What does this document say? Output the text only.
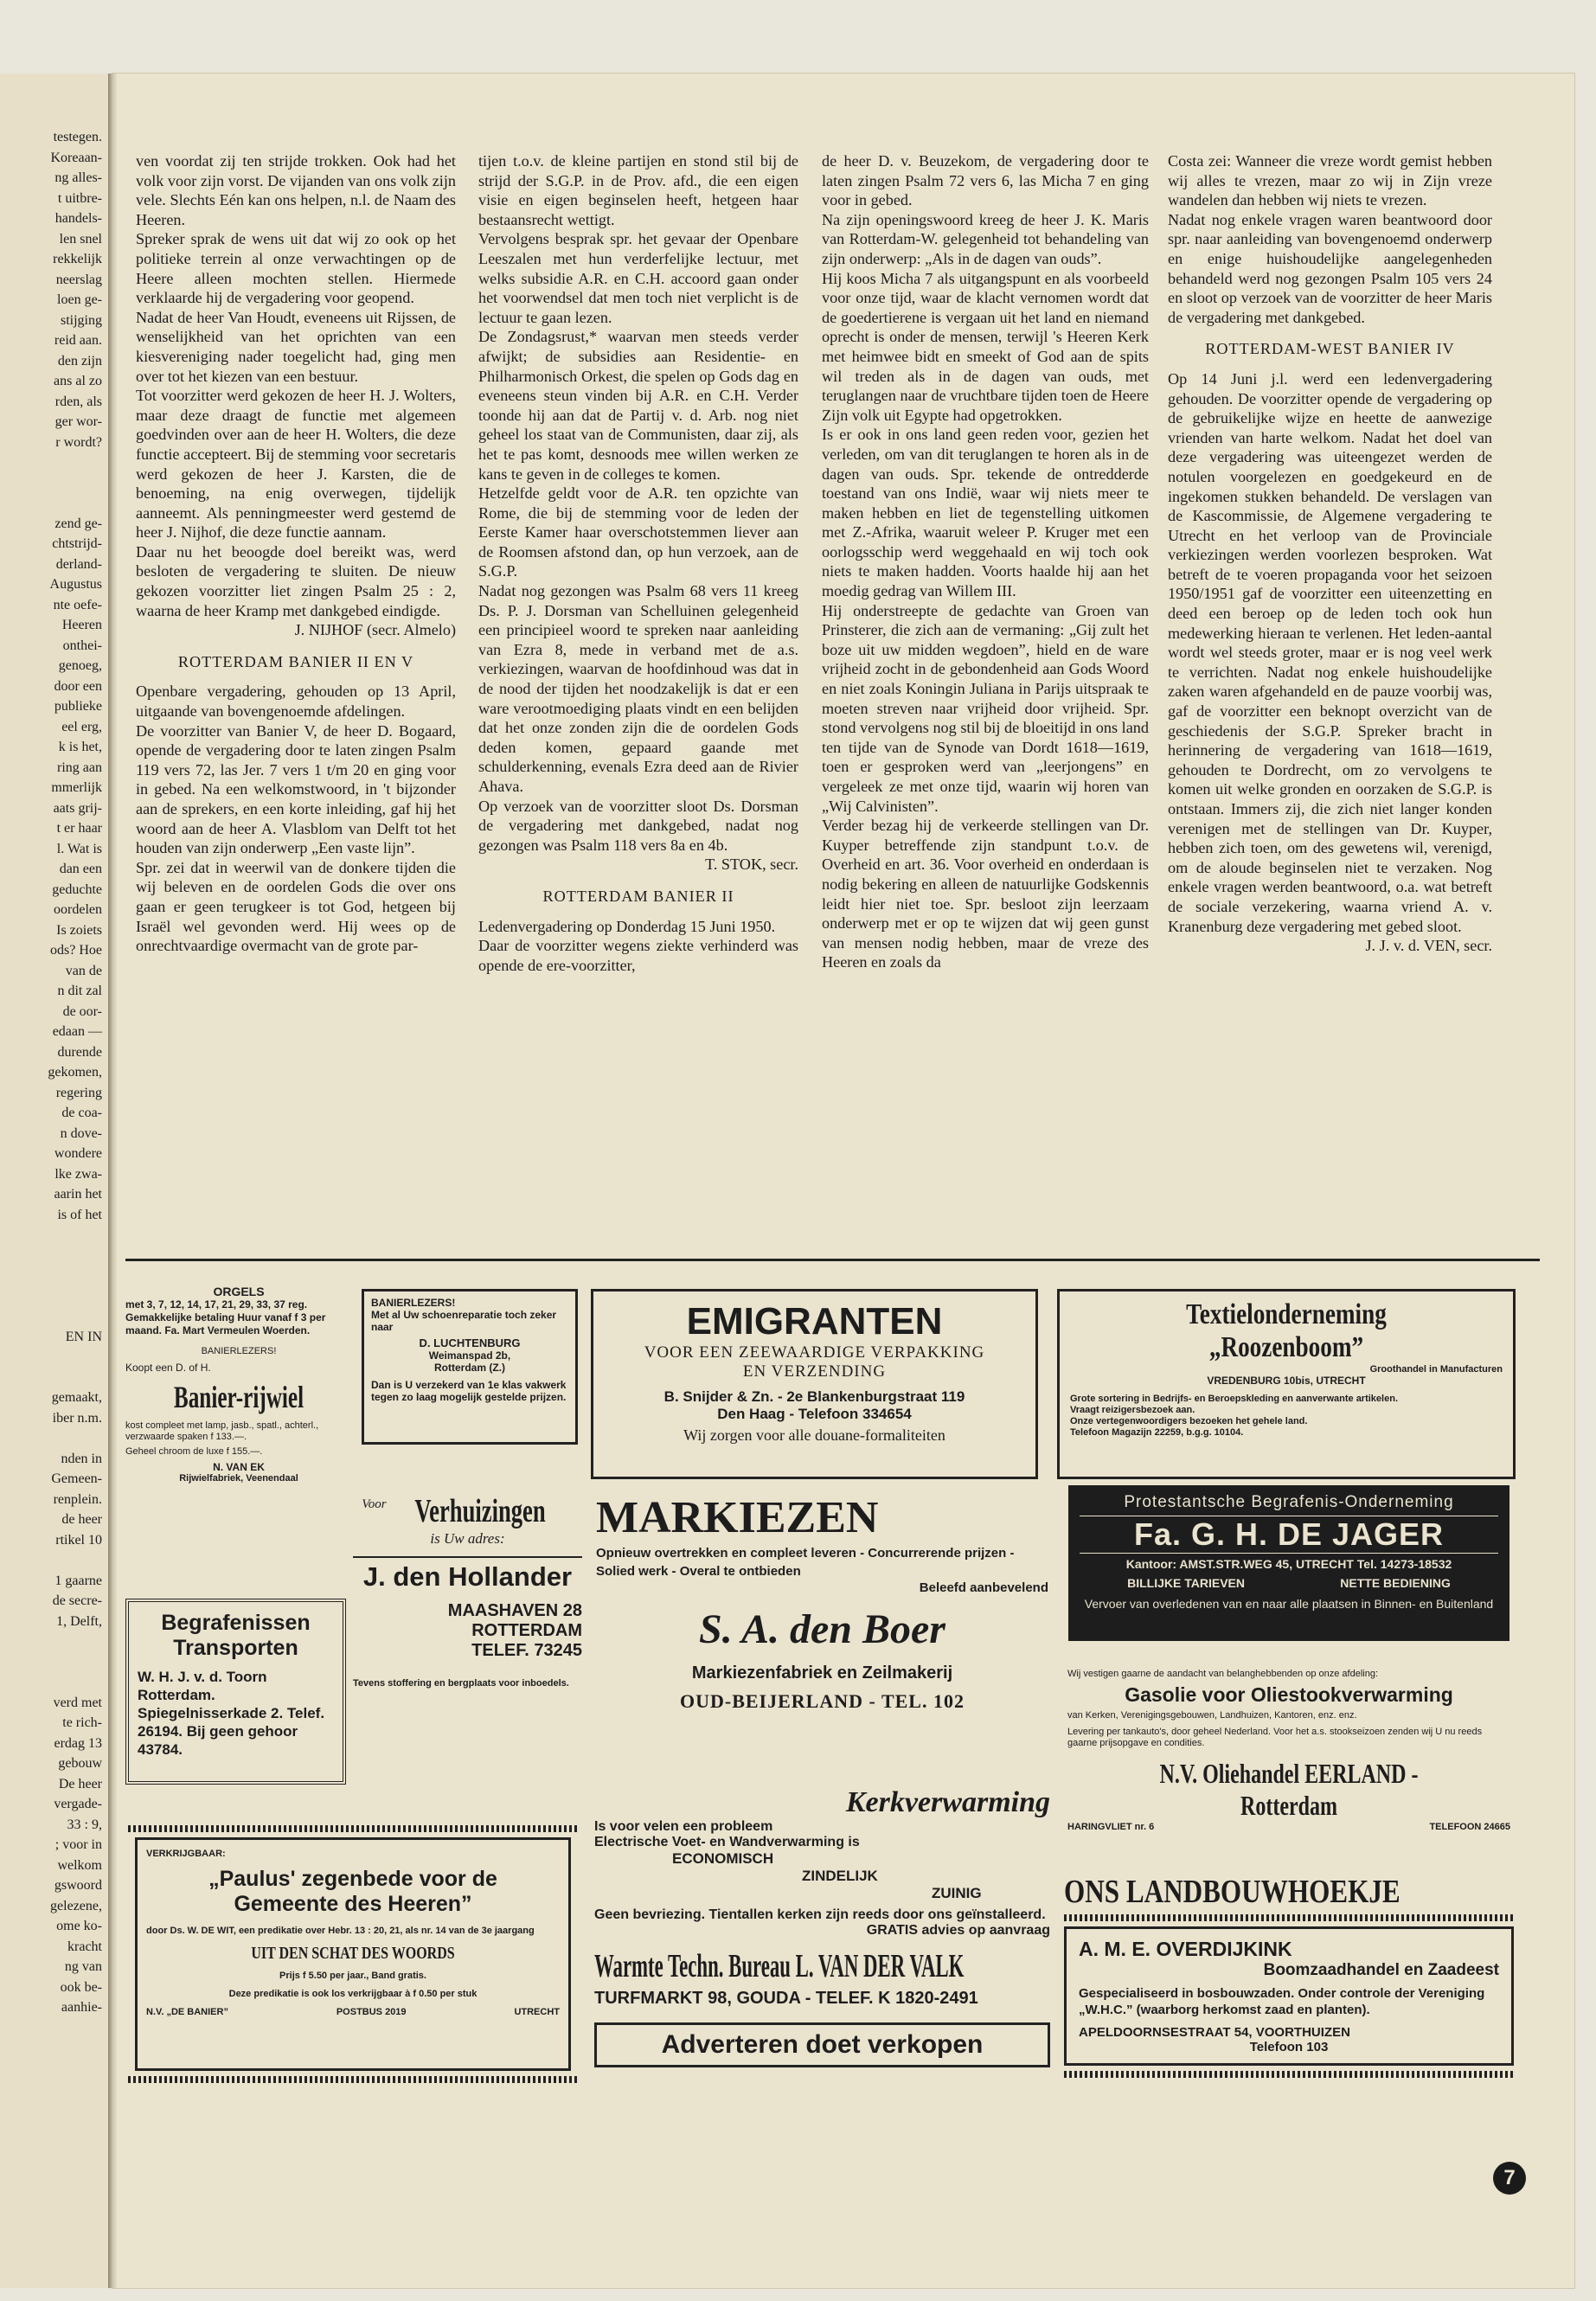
testegen.
Koreaan-
ng alles-
t uitbre-
handels-
len snel
rekkelijk
neerslag
loen ge-
stijging
reid aan.
den zijn
ans al zo
rden, als
ger wor-
r wordt?

zend ge-
chtstrijd-
derland-
Augustus
nte oefe-
Heeren
onthei-
genoeg,
door een
publieke
eel erg,
k is het,
ring aan
mmerlijk
aats grij-
t er haar
l. Wat is
dan een
geduchte
oordelen
Is zoiets
ods? Hoe
van de
n dit zal
de oor-
edaan —
durende
gekomen,
regering
de coa-
n dove-
wondere
lke zwa-
aarin het
is of het

EN IN

gemaakt,
iber n.m.

nden in
Gemeen-
renplein.
de heer
rtikel 10

1 gaarne
de secre-
1, Delft,

verd met
te rich-
erdag 13
gebouw
De heer
vergade-
33 : 9,
; voor in
welkom
gswoord
gelezene,
ome ko-
kracht
ng van
ook be-
aanhie-

ven voordat zij ten strijde trokken. Ook had het volk voor zijn vorst. De vijanden van ons volk zijn vele. Slechts Eén kan ons helpen, n.l. de Naam des Heeren.

Spreker sprak de wens uit dat wij zo ook op het politieke terrein al onze verwachtingen op de Heere alleen mochten stellen. Hiermede verklaarde hij de vergadering voor geopend.

Nadat de heer Van Houdt, eveneens uit Rijssen, de wenselijkheid van het oprichten van een kiesvereniging nader toegelicht had, ging men over tot het kiezen van een bestuur.

Tot voorzitter werd gekozen de heer H. J. Wolters, maar deze draagt de functie met algemeen goedvinden over aan de heer H. Wolters, die deze functie accepteert. Bij de stemming voor secretaris werd gekozen de heer J. Karsten, die de benoeming, na enig overwegen, tijdelijk aanneemt. Als penningmeester werd gestemd de heer J. Nijhof, die deze functie aannam.

Daar nu het beoogde doel bereikt was, werd besloten de vergadering te sluiten. De nieuw gekozen voorzitter liet zingen Psalm 25 : 2, waarna de heer Kramp met dankgebed eindigde.

J. NIJHOF (secr. Almelo)

ROTTERDAM BANIER II EN V

Openbare vergadering, gehouden op 13 April, uitgaande van bovengenoemde afdelingen.

De voorzitter van Banier V, de heer D. Bogaard, opende de vergadering door te laten zingen Psalm 119 vers 72, las Jer. 7 vers 1 t/m 20 en ging voor in gebed. Na een welkomstwoord, in 't bijzonder aan de sprekers, en een korte inleiding, gaf hij het woord aan de heer A. Vlasblom van Delft tot het houden van zijn onderwerp „Een vaste lijn”.

Spr. zei dat in weerwil van de donkere tijden die wij beleven en de oordelen Gods die over ons gaan er geen terugkeer is tot God, hetgeen bij Israël wel gevonden werd. Hij wees op de onrechtvaardige overmacht van de grote par-

tijen t.o.v. de kleine partijen en stond stil bij de strijd der S.G.P. in de Prov. afd., die een eigen visie en eigen beginselen heeft, hetgeen haar bestaansrecht wettigt.

Vervolgens besprak spr. het gevaar der Openbare Leeszalen met hun verderfelijke lectuur, met welks subsidie A.R. en C.H. accoord gaan onder het voorwendsel dat men toch niet verplicht is de lectuur te gaan lezen.

De Zondagsrust,* waarvan men steeds verder afwijkt; de subsidies aan Residentie- en Philharmonisch Orkest, die spelen op Gods dag en eveneens steun vinden bij A.R. en C.H. Verder toonde hij aan dat de Partij v. d. Arb. nog niet geheel los staat van de Communisten, daar zij, als het te pas komt, desnoods mee willen werken ze kans te geven in de colleges te komen.

Hetzelfde geldt voor de A.R. ten opzichte van Rome, die bij de stemming voor de leden der Eerste Kamer haar overschotstemmen liever aan de Roomsen afstond dan, op hun verzoek, aan de S.G.P.

Nadat nog gezongen was Psalm 68 vers 11 kreeg Ds. P. J. Dorsman van Schelluinen gelegenheid een principieel woord te spreken naar aanleiding van Ezra 8, mede in verband met de a.s. verkiezingen, waarvan de hoofdinhoud was dat in de nood der tijden het noodzakelijk is dat er een ware verootmoediging plaats vindt en een belijden dat het onze zonden zijn die de oordelen Gods deden komen, gepaard gaande met schulderkenning, evenals Ezra deed aan de Rivier Ahava.

Op verzoek van de voorzitter sloot Ds. Dorsman de vergadering met dankgebed, nadat nog gezongen was Psalm 118 vers 8a en 4b.

T. STOK, secr.

ROTTERDAM BANIER II

Ledenvergadering op Donderdag 15 Juni 1950.

Daar de voorzitter wegens ziekte verhinderd was opende de ere-voorzitter,

de heer D. v. Beuzekom, de vergadering door te laten zingen Psalm 72 vers 6, las Micha 7 en ging voor in gebed.

Na zijn openingswoord kreeg de heer J. K. Maris van Rotterdam-W. gelegenheid tot behandeling van zijn onderwerp: „Als in de dagen van ouds”.

Hij koos Micha 7 als uitgangspunt en als voorbeeld voor onze tijd, waar de klacht vernomen wordt dat de goedertierene is vergaan uit het land en niemand oprecht is onder de mensen, terwijl 's Heeren Kerk met heimwee bidt en smeekt of God aan de spits wil treden als in de dagen van ouds, met teruglangen naar de vruchtbare tijden toen de Heere Zijn volk uit Egypte had opgetrokken.

Is er ook in ons land geen reden voor, gezien het verleden, om van dit teruglangen te horen als in de dagen van ouds. Spr. tekende de ontredderde toestand van ons Indië, waar wij niets meer te maken hebben en liet de tegenstelling uitkomen met Z.-Afrika, waaruit weleer P. Kruger met een oorlogsschip werd weggehaald en wij toch ook niets te maken hadden. Voorts haalde hij aan het moedig gedrag van Willem III.

Hij onderstreepte de gedachte van Groen van Prinsterer, die zich aan de vermaning: „Gij zult het boze uit uw midden wegdoen”, hield en de ware vrijheid zocht in de gebondenheid aan Gods Woord en niet zoals Koningin Juliana in Parijs uitspraak te moeten streven naar vrijheid door vrijheid. Spr. stond vervolgens nog stil bij de bloeitijd in ons land ten tijde van de Synode van Dordt 1618—1619, toen er gesproken werd van „leerjongens” en vergeleek ze met onze tijd, waarin wij horen van „Wij Calvinisten”.

Verder bezag hij de verkeerde stellingen van Dr. Kuyper betreffende zijn standpunt t.o.v. de Overheid en art. 36. Voor overheid en onderdaan is nodig bekering en alleen de natuurlijke Godskennis leidt hier niet toe. Spr. besloot zijn leerzaam onderwerp met er op te wijzen dat wij geen gunst van mensen nodig hebben, maar de vreze des Heeren en zoals da

Costa zei: Wanneer die vreze wordt gemist hebben wij alles te vrezen, maar zo wij in Zijn vreze wandelen dan hebben wij niets te vrezen.

Nadat nog enkele vragen waren beantwoord door spr. naar aanleiding van bovengenoemd onderwerp en enige huishoudelijke aangelegenheden behandeld werd nog gezongen Psalm 105 vers 24 en sloot op verzoek van de voorzitter de heer Maris de vergadering met dankgebed.

ROTTERDAM-WEST BANIER IV

Op 14 Juni j.l. werd een ledenvergadering gehouden. De voorzitter opende de vergadering op de gebruikelijke wijze en heette de aanwezige vrienden van harte welkom. Nadat het doel van deze vergadering was uiteengezet werden de notulen voorgelezen en goedgekeurd en de ingekomen stukken behandeld. De verslagen van de Kascommissie, de Algemene vergadering te Utrecht en het verloop van de Provinciale verkiezingen werden voorlezen besproken. Wat betreft de te voeren propaganda voor het seizoen 1950/1951 gaf de voorzitter een uiteenzetting en deed een beroep op de leden toch ook hun medewerking hieraan te verlenen. Het leden-aantal wordt wel steeds groter, maar er is nog veel werk te verrichten. Nadat nog enkele huishoudelijke zaken waren afgehandeld en de pauze voorbij was, gaf de voorzitter een beknopt overzicht van de geschiedenis der S.G.P. Spreker bracht in herinnering de vergadering van 1618—1619, gehouden te Dordrecht, om zo vervolgens te komen uit welke gronden en oorzaken de S.G.P. is ontstaan. Immers zij, die zich niet langer konden verenigen met de stellingen van Dr. Kuyper, hebben zich toen, om des gewetens wil, verenigd, om de aloude beginselen niet te verzaken. Nog enkele vragen werden beantwoord, o.a. wat betreft de sociale verzekering, waarna vriend A. v. Kranenburg deze vergadering met gebed sloot.

J. J. v. d. VEN, secr.

ORGELS
met 3, 7, 12, 14, 17, 21, 29, 33, 37 reg. Gemakkelijke betaling Huur vanaf f 3 per maand. Fa. Mart Vermeulen Woerden.
BANIERLEZERS!
Koopt een D. of H.
Banier-rijwiel
kost compleet met lamp, jasb., spatl., achterl., verzwaarde spaken f 133.—.
Geheel chroom de luxe f 155.—.
N. VAN EK
Rijwielfabriek, Veenendaal
BANIERLEZERS!
Met al Uw schoenreparatie toch zeker naar
D. LUCHTENBURG
Weimanspad 2b,
Rotterdam (Z.)
Dan is U verzekerd van 1e klas vakwerk tegen zo laag mogelijk gestelde prijzen.
EMIGRANTEN
VOOR EEN ZEEWAARDIGE VERPAKKING
EN VERZENDING
B. Snijder & Zn. - 2e Blankenburgstraat 119
Den Haag - Telefoon 334654
Wij zorgen voor alle douane-formaliteiten
Textielonderneming „Roozenboom”
Groothandel in Manufacturen
VREDENBURG 10bis, UTRECHT
Grote sortering in Bedrijfs- en Beroepskleding en aanverwante artikelen.
Vraagt reizigersbezoek aan.
Onze vertegenwoordigers bezoeken het gehele land.
Telefoon Magazijn 22259, b.g.g. 10104.
Voor Verhuizingen
is Uw adres:
J. den Hollander
MAASHAVEN 28
ROTTERDAM
TELEF. 73245
Tevens stoffering en bergplaats voor inboedels.
MARKIEZEN
Opnieuw overtrekken en compleet leveren - Concurrerende prijzen - Solied werk - Overal te ontbieden
Beleefd aanbevelend
S. A. den Boer
Markiezenfabriek en Zeilmakerij
OUD-BEIJERLAND - TEL. 102
Protestantsche Begrafenis-Onderneming
Fa. G. H. DE JAGER
Kantoor: AMST.STR.WEG 45, UTRECHT Tel. 14273-18532
BILLIJKE TARIEVEN	NETTE BEDIENING
Vervoer van overledenen van en naar alle plaatsen in Binnen- en Buitenland
Wij vestigen gaarne de aandacht van belanghebbenden op onze afdeling:
Gasolie voor Oliestookverwarming
van Kerken, Verenigingsgebouwen, Landhuizen, Kantoren, enz. enz.
Levering per tankauto's, door geheel Nederland. Voor het a.s. stookseizoen zenden wij U nu reeds gaarne prijsopgave en condities.
N.V. Oliehandel EERLAND - Rotterdam
HARINGVLIET nr. 6	TELEFOON 24665
Begrafenissen
Transporten
W. H. J. v. d. Toorn Rotterdam. Spiegelnisserkade 2. Telef. 26194. Bij geen gehoor 43784.
Kerkverwarming
Is voor velen een probleem
Electrische Voet- en Wandverwarming is
ECONOMISCH
ZINDELIJK
ZUINIG
Geen bevriezing. Tientallen kerken zijn reeds door ons geïnstalleerd.
GRATIS advies op aanvraag
Warmte Techn. Bureau L. VAN DER VALK
TURFMARKT 98, GOUDA - TELEF. K 1820-2491
Adverteren doet verkopen
VERKRIJGBAAR:
„Paulus' zegenbede voor de
Gemeente des Heeren”
door Ds. W. DE WIT, een predikatie over Hebr. 13 : 20, 21, als nr. 14 van de 3e jaargang
UIT DEN SCHAT DES WOORDS
Prijs f 5.50 per jaar., Band gratis.
Deze predikatie is ook los verkrijgbaar à f 0.50 per stuk
N.V. „DE BANIER”	POSTBUS 2019	UTRECHT
ONS LANDBOUWHOEKJE
A. M. E. OVERDIJKINK
Boomzaadhandel en Zaadeest
Gespecialiseerd in bosbouwzaden. Onder controle der Vereniging „W.H.C.” (waarborg herkomst zaad en planten).
APELDOORNSESTRAAT 54, VOORTHUIZEN
Telefoon 103
7
